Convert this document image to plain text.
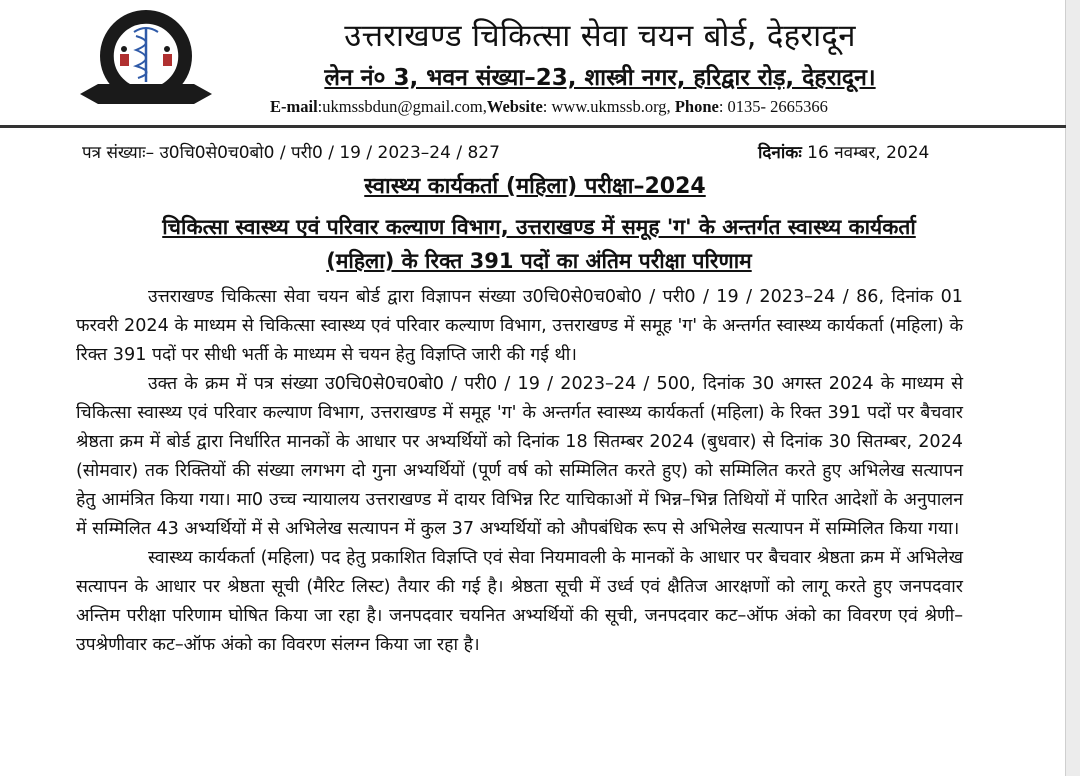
उत्तराखण्ड चिकित्सा सेवा चयन बोर्ड, देहरादून
लेन नं० 3, भवन संख्या–23, शास्त्री नगर, हरिद्वार रोड़, देहरादून।
E-mail:ukmssbdun@gmail.com,Website: www.ukmssb.org, Phone: 0135- 2665366
पत्र संख्याः– उ0चि0से0च0बो0 / परी0 / 19 / 2023–24 / 827	दिनांकः 16 नवम्बर, 2024
स्वास्थ्य कार्यकर्ता (महिला) परीक्षा–2024
चिकित्सा स्वास्थ्य एवं परिवार कल्याण विभाग, उत्तराखण्ड में समूह 'ग' के अन्तर्गत स्वास्थ्य कार्यकर्ता
(महिला) के रिक्त 391 पदों का अंतिम परीक्षा परिणाम

उत्तराखण्ड चिकित्सा सेवा चयन बोर्ड द्वारा विज्ञापन संख्या उ0चि0से0च0बो0 / परी0 / 19 / 2023–24 / 86, दिनांक 01 फरवरी 2024 के माध्यम से चिकित्सा स्वास्थ्य एवं परिवार कल्याण विभाग, उत्तराखण्ड में समूह 'ग' के अन्तर्गत स्वास्थ्य कार्यकर्ता (महिला) के रिक्त 391 पदों पर सीधी भर्ती के माध्यम से चयन हेतु विज्ञप्ति जारी की गई थी।

उक्त के क्रम में पत्र संख्या उ0चि0से0च0बो0 / परी0 / 19 / 2023–24 / 500, दिनांक 30 अगस्त 2024 के माध्यम से चिकित्सा स्वास्थ्य एवं परिवार कल्याण विभाग, उत्तराखण्ड में समूह 'ग' के अन्तर्गत स्वास्थ्य कार्यकर्ता (महिला) के रिक्त 391 पदों पर बैचवार श्रेष्ठता क्रम में बोर्ड द्वारा निर्धारित मानकों के आधार पर अभ्यर्थियों को दिनांक 18 सितम्बर 2024 (बुधवार) से दिनांक 30 सितम्बर, 2024 (सोमवार) तक रिक्तियों की संख्या लगभग दो गुना अभ्यर्थियों (पूर्ण वर्ष को सम्मिलित करते हुए) को सम्मिलित करते हुए अभिलेख सत्यापन हेतु आमंत्रित किया गया। मा0 उच्च न्यायालय उत्तराखण्ड में दायर विभिन्न रिट याचिकाओं में भिन्न–भिन्न तिथियों में पारित आदेशों के अनुपालन में सम्मिलित 43 अभ्यर्थियों में से अभिलेख सत्यापन में कुल 37 अभ्यर्थियों को औपबंधिक रूप से अभिलेख सत्यापन में सम्मिलित किया गया।

स्वास्थ्य कार्यकर्ता (महिला) पद हेतु प्रकाशित विज्ञप्ति एवं सेवा नियमावली के मानकों के आधार पर बैचवार श्रेष्ठता क्रम में अभिलेख सत्यापन के आधार पर श्रेष्ठता सूची (मैरिट लिस्ट) तैयार की गई है। श्रेष्ठता सूची में उर्ध्व एवं क्षैतिज आरक्षणों को लागू करते हुए जनपदवार अन्तिम परीक्षा परिणाम घोषित किया जा रहा है। जनपदवार चयनित अभ्यर्थियों की सूची, जनपदवार कट–ऑफ अंको का विवरण एवं श्रेणी–उपश्रेणीवार कट–ऑफ अंको का विवरण संलग्न किया जा रहा है।
